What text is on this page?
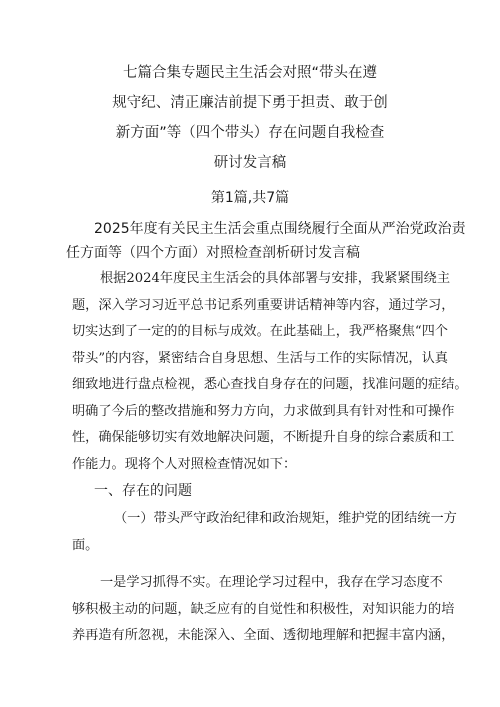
七篇合集专题民主生活会对照“带头在遵
规守纪、清正廉洁前提下勇于担责、敢于创
新方面”等（四个带头）存在问题自我检查
研讨发言稿
第1篇,共7篇
2025年度有关民主生活会重点围绕履行全面从严治党政治责
任方面等（四个方面）对照检查剖析研讨发言稿
根据2024年度民主生活会的具体部署与安排，我紧紧围绕主
题，深入学习习近平总书记系列重要讲话精神等内容，通过学习，
切实达到了一定的的目标与成效。在此基础上，我严格聚焦“四个
带头”的内容，紧密结合自身思想、生活与工作的实际情况，认真
细致地进行盘点检视，悉心查找自身存在的问题，找准问题的症结。
明确了今后的整改措施和努力方向，力求做到具有针对性和可操作
性，确保能够切实有效地解决问题，不断提升自身的综合素质和工
作能力。现将个人对照检查情况如下：
一、存在的问题
（一）带头严守政治纪律和政治规矩，维护党的团结统一方
面。
一是学习抓得不实。在理论学习过程中，我存在学习态度不
够积极主动的问题，缺乏应有的自觉性和积极性，对知识能力的培
养再造有所忽视，未能深入、全面、透彻地理解和把握丰富内涵，
